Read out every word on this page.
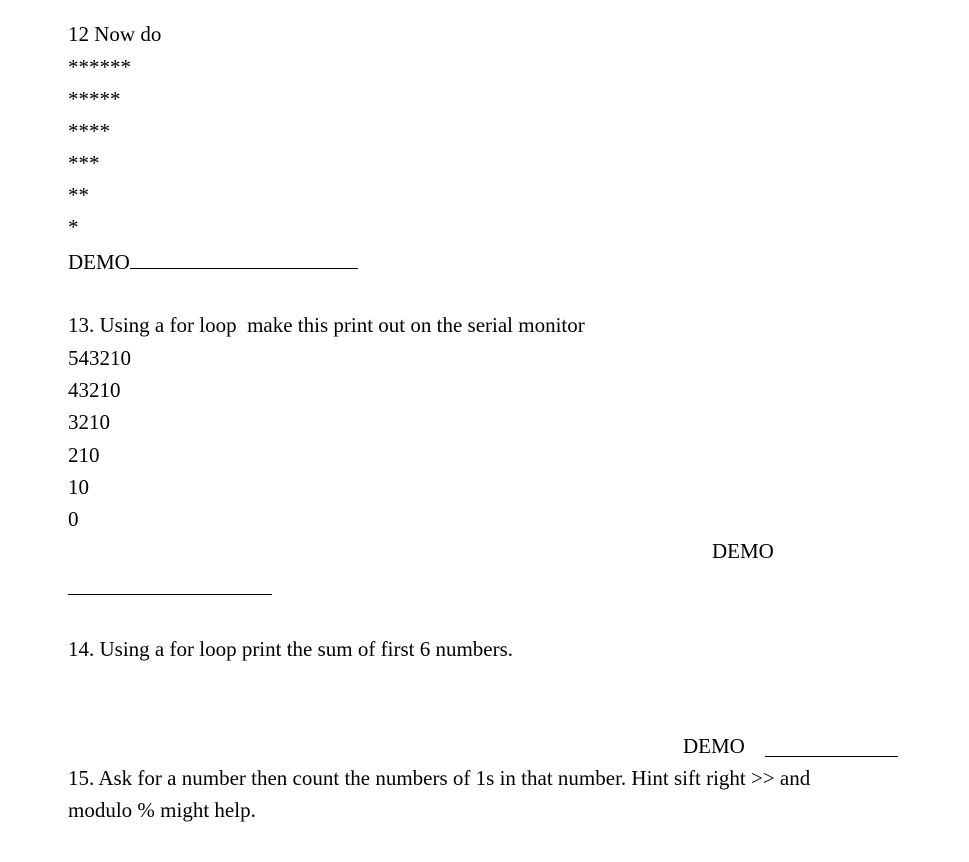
12 Now do
******
*****
****
***
**
*
DEMO
13. Using a for loop  make this print out on the serial monitor
543210
43210
3210
210
10
0
DEMO
14. Using a for loop print the sum of first 6 numbers.
DEMO
15. Ask for a number then count the numbers of 1s in that number. Hint sift right >> and
modulo % might help.
